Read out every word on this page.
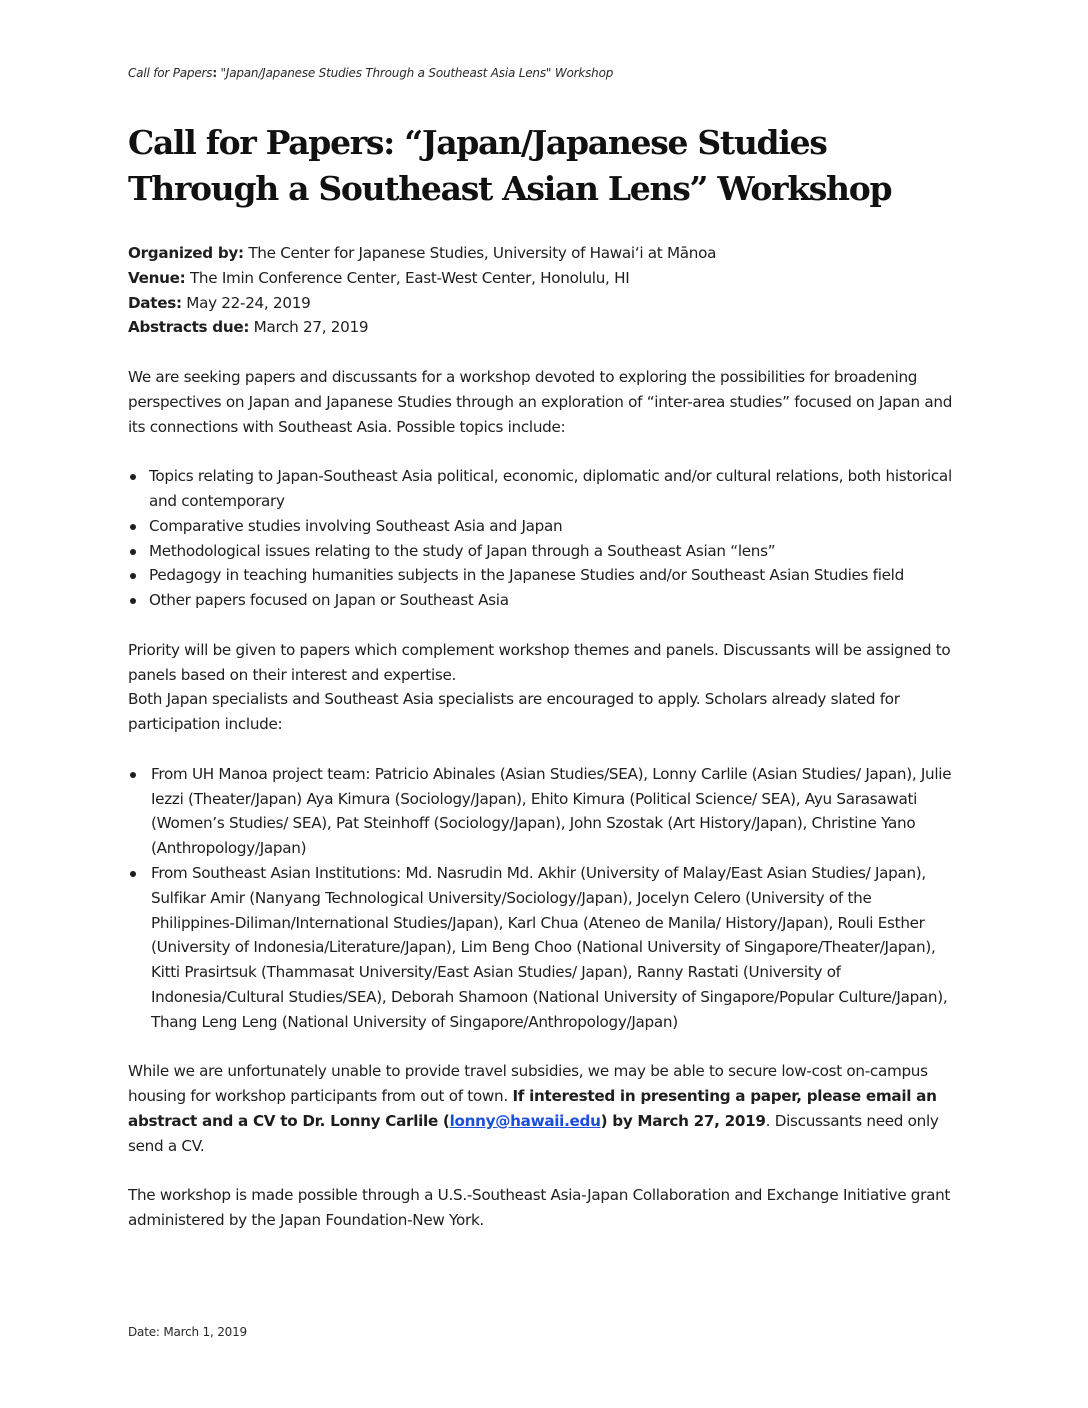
Call for Papers: "Japan/Japanese Studies Through a Southeast Asia Lens" Workshop
Call for Papers: “Japan/Japanese Studies Through a Southeast Asian Lens” Workshop

Organized by: The Center for Japanese Studies, University of Hawai‘i at Mānoa

Venue: The Imin Conference Center, East-West Center, Honolulu, HI

Dates: May 22-24, 2019

Abstracts due: March 27, 2019

We are seeking papers and discussants for a workshop devoted to exploring the possibilities for broadening perspectives on Japan and Japanese Studies through an exploration of “inter-area studies” focused on Japan and its connections with Southeast Asia. Possible topics include:

Topics relating to Japan-Southeast Asia political, economic, diplomatic and/or cultural relations, both historical and contemporary
Comparative studies involving Southeast Asia and Japan
Methodological issues relating to the study of Japan through a Southeast Asian “lens”
Pedagogy in teaching humanities subjects in the Japanese Studies and/or Southeast Asian Studies field
Other papers focused on Japan or Southeast Asia

Priority will be given to papers which complement workshop themes and panels. Discussants will be assigned to panels based on their interest and expertise.

Both Japan specialists and Southeast Asia specialists are encouraged to apply. Scholars already slated for participation include:

From UH Manoa project team: Patricio Abinales (Asian Studies/SEA), Lonny Carlile (Asian Studies/ Japan), Julie Iezzi (Theater/Japan) Aya Kimura (Sociology/Japan), Ehito Kimura (Political Science/ SEA), Ayu Sarasawati (Women’s Studies/ SEA), Pat Steinhoff (Sociology/Japan), John Szostak (Art History/Japan), Christine Yano (Anthropology/Japan)
From Southeast Asian Institutions: Md. Nasrudin Md. Akhir (University of Malay/East Asian Studies/ Japan), Sulfikar Amir (Nanyang Technological University/Sociology/Japan), Jocelyn Celero (University of the Philippines-Diliman/International Studies/Japan), Karl Chua (Ateneo de Manila/ History/Japan), Rouli Esther (University of Indonesia/Literature/Japan), Lim Beng Choo (National University of Singapore/Theater/Japan), Kitti Prasirtsuk (Thammasat University/East Asian Studies/ Japan), Ranny Rastati (University of Indonesia/Cultural Studies/SEA), Deborah Shamoon (National University of Singapore/Popular Culture/Japan), Thang Leng Leng (National University of Singapore/Anthropology/Japan)

While we are unfortunately unable to provide travel subsidies, we may be able to secure low-cost on-campus housing for workshop participants from out of town. If interested in presenting a paper, please email an abstract and a CV to Dr. Lonny Carlile (lonny@hawaii.edu) by March 27, 2019. Discussants need only send a CV.

The workshop is made possible through a U.S.-Southeast Asia-Japan Collaboration and Exchange Initiative grant administered by the Japan Foundation-New York.

Date: March 1, 2019
